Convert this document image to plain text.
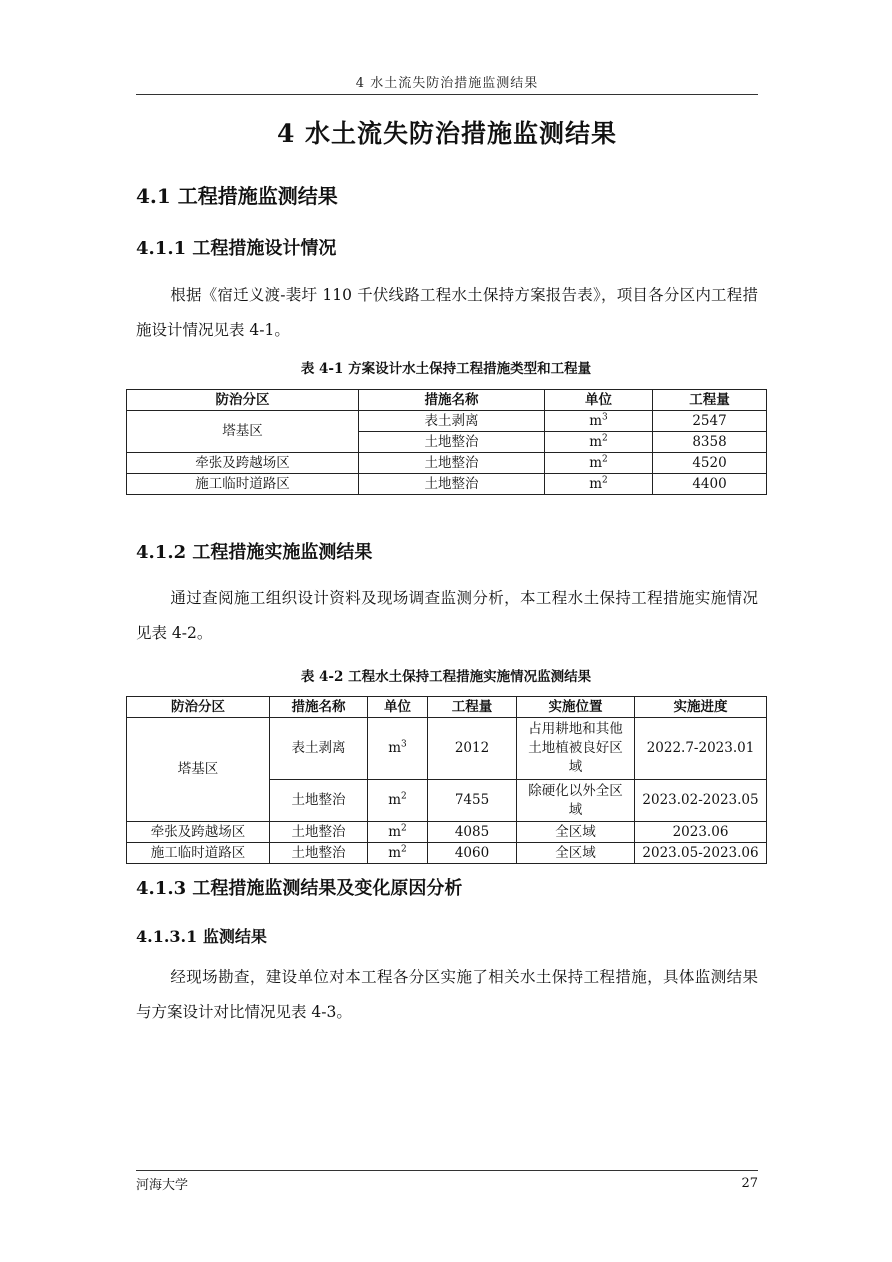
4 水土流失防治措施监测结果
4 水土流失防治措施监测结果
4.1 工程措施监测结果
4.1.1 工程措施设计情况
根据《宿迁义渡-裴圩 110 千伏线路工程水土保持方案报告表》，项目各分区内工程措施设计情况见表 4-1。
表 4-1 方案设计水土保持工程措施类型和工程量
防治分区	措施名称	单位	工程量
塔基区	表土剥离	$m^3$	2547
	土地整治	$m^2$	8358
牵张及跨越场区	土地整治	$m^2$	4520
施工临时道路区	土地整治	$m^2$	4400
4.1.2 工程措施实施监测结果
通过查阅施工组织设计资料及现场调查监测分析，本工程水土保持工程措施实施情况见表 4-2。
表 4-2 工程水土保持工程措施实施情况监测结果
防治分区	措施名称	单位	工程量	实施位置	实施进度
塔基区	表土剥离	$m^3$	2012	占用耕地和其他土地植被良好区域	2022.7-2023.01
	土地整治	$m^2$	7455	除硬化以外全区域	2023.02-2023.05
牵张及跨越场区	土地整治	$m^2$	4085	全区域	2023.06
施工临时道路区	土地整治	$m^2$	4060	全区域	2023.05-2023.06
4.1.3 工程措施监测结果及变化原因分析
4.1.3.1 监测结果
经现场勘查，建设单位对本工程各分区实施了相关水土保持工程措施，具体监测结果与方案设计对比情况见表 4-3。
河海大学	27
